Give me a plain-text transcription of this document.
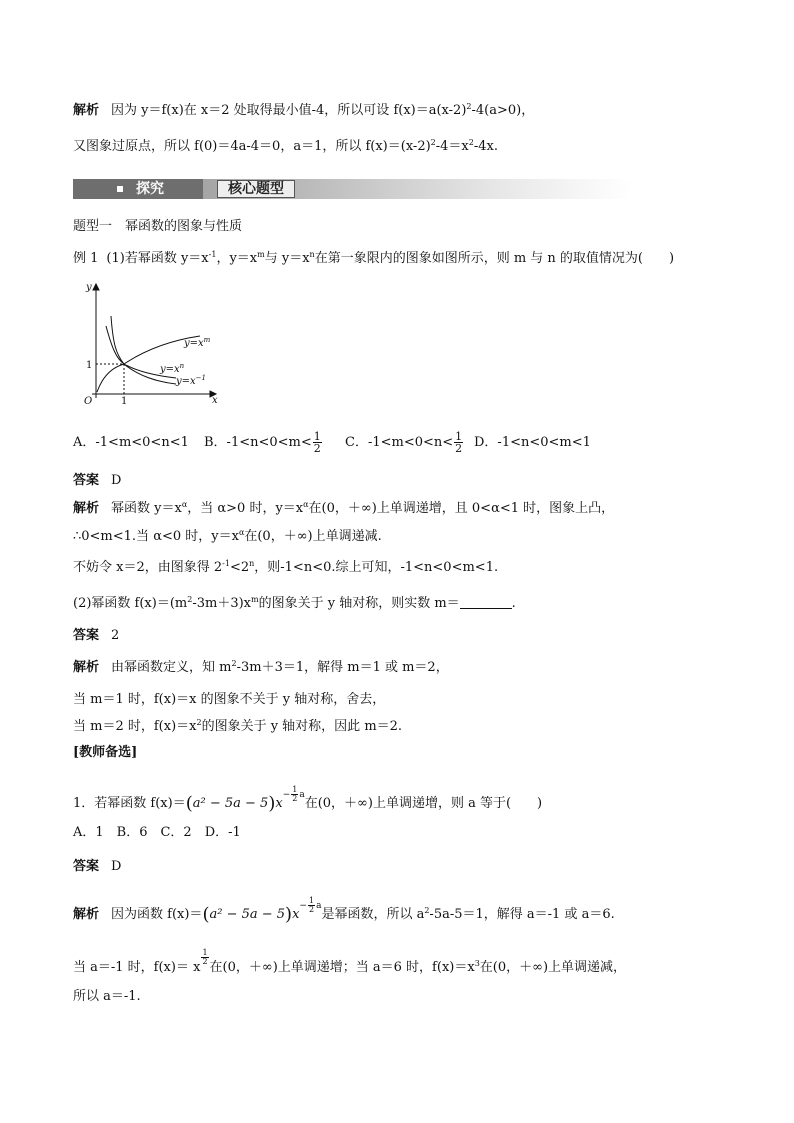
解析 因为 y＝f(x)在 x＝2 处取得最小值-4，所以可设 $f(x)=a(x-2)^2-4(a>0)$，
又图象过原点，所以 f(0)＝4a-4＝0，a＝1，所以 $f(x)=(x-2)^2-4=x^2-4x$.
探究	核心题型
题型一　幂函数的图象与性质
例 1 (1)若幂函数 $y=x^{-1}$，$y=x^m$与 $y=x^n$在第一象限内的图象如图所示，则 m 与 n 的取值情况为(　　)
y
x
O	1
1
$y=x^m$
$y=x^n$
$y=x^{-1}$
A．-1<m<0<n<1 B．$-1<n<0<m< \frac{1}{2}$ C．$-1<m<0<n< \frac{1}{2}$ D．-1<n<0<m<1
答案 D
解析 幂函数 $y=x^\alpha$，当 α>0 时，$y=x^\alpha$在(0，＋∞)上单调递增，且 0<α<1 时，图象上凸，
∴0<m<1.当 α<0 时，$y=x^\alpha$在(0，＋∞)上单调递减.
不妨令 x＝2，由图象得 $2^{-1}<2^n$，则-1<n<0.综上可知，-1<n<0<m<1.
(2)幂函数 $f(x)=(m^2-3m+3)x^m$的图象关于 y 轴对称，则实数 m＝	.
答案 2
解析 由幂函数定义，知 $m^2-3m+3=1$，解得 m＝1 或 m＝2，
当 m＝1 时，f(x)＝x 的图象不关于 y 轴对称，舍去，
当 m＝2 时，$f(x)=x^2$的图象关于 y 轴对称，因此 m＝2.
[教师备选]
1．若幂函数 $f(x)=(a^2 - 5a - 5)x- \frac{1}{2}$ a在(0，＋∞)上单调递增，则 a 等于(　　)
A．1　B．6　C．2　D．-1
答案 D
解析 因为函数 $f(x)=(a^2 - 5a - 5)x- \frac{1}{2}$ a是幂函数，所以 $a^2-5a-5=1$，解得 a＝-1 或 a＝6.
当 a＝-1 时，f(x)＝ x
$\frac{1}{2}$
在(0，＋∞)上单调递增；当 a＝6 时，$f(x)=x^3$在(0，＋∞)上单调递减，
所以 a＝-1.
